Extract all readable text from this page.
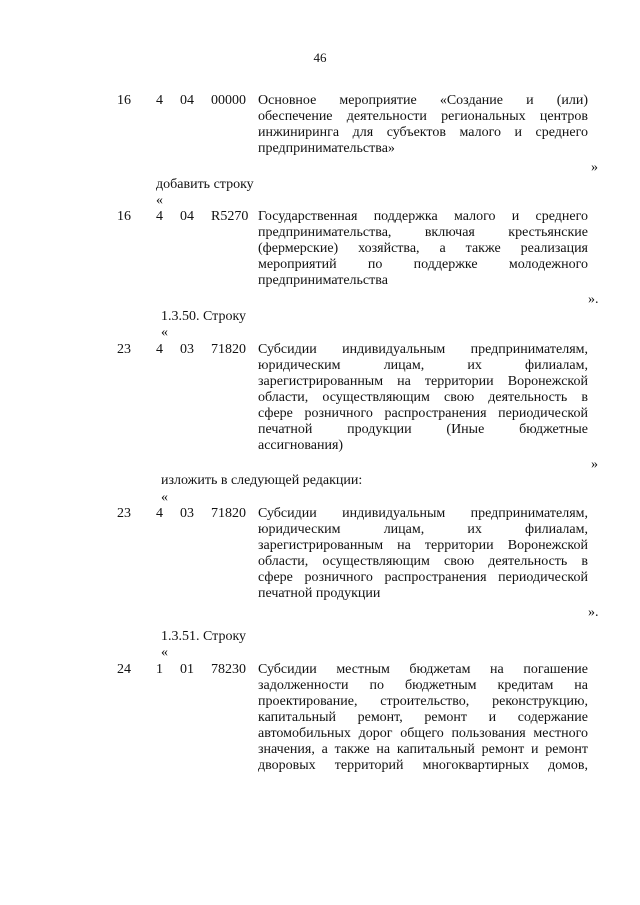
46
16 4 04 00000 Основное мероприятие «Создание и (или)
обеспечение деятельности региональных центров
инжиниринга для субъектов малого и среднего
предпринимательства»
»
добавить строку
«
16 4 04 R5270 Государственная поддержка малого и среднего
предпринимательства, включая крестьянские
(фермерские) хозяйства, а также реализация
мероприятий по поддержке молодежного
предпринимательства
».
1.3.50. Строку
«
23 4 03 71820 Субсидии индивидуальным предпринимателям,
юридическим лицам, их филиалам,
зарегистрированным на территории Воронежской
области, осуществляющим свою деятельность в
сфере розничного распространения периодической
печатной продукции (Иные бюджетные
ассигнования)
»
изложить в следующей редакции:
«
23 4 03 71820 Субсидии индивидуальным предпринимателям,
юридическим лицам, их филиалам,
зарегистрированным на территории Воронежской
области, осуществляющим свою деятельность в
сфере розничного распространения периодической
печатной продукции
».
1.3.51. Строку
«
24 1 01 78230 Субсидии местным бюджетам на погашение
задолженности по бюджетным кредитам на
проектирование, строительство, реконструкцию,
капитальный ремонт, ремонт и содержание
автомобильных дорог общего пользования местного
значения, а также на капитальный ремонт и ремонт
дворовых территорий многоквартирных домов,
